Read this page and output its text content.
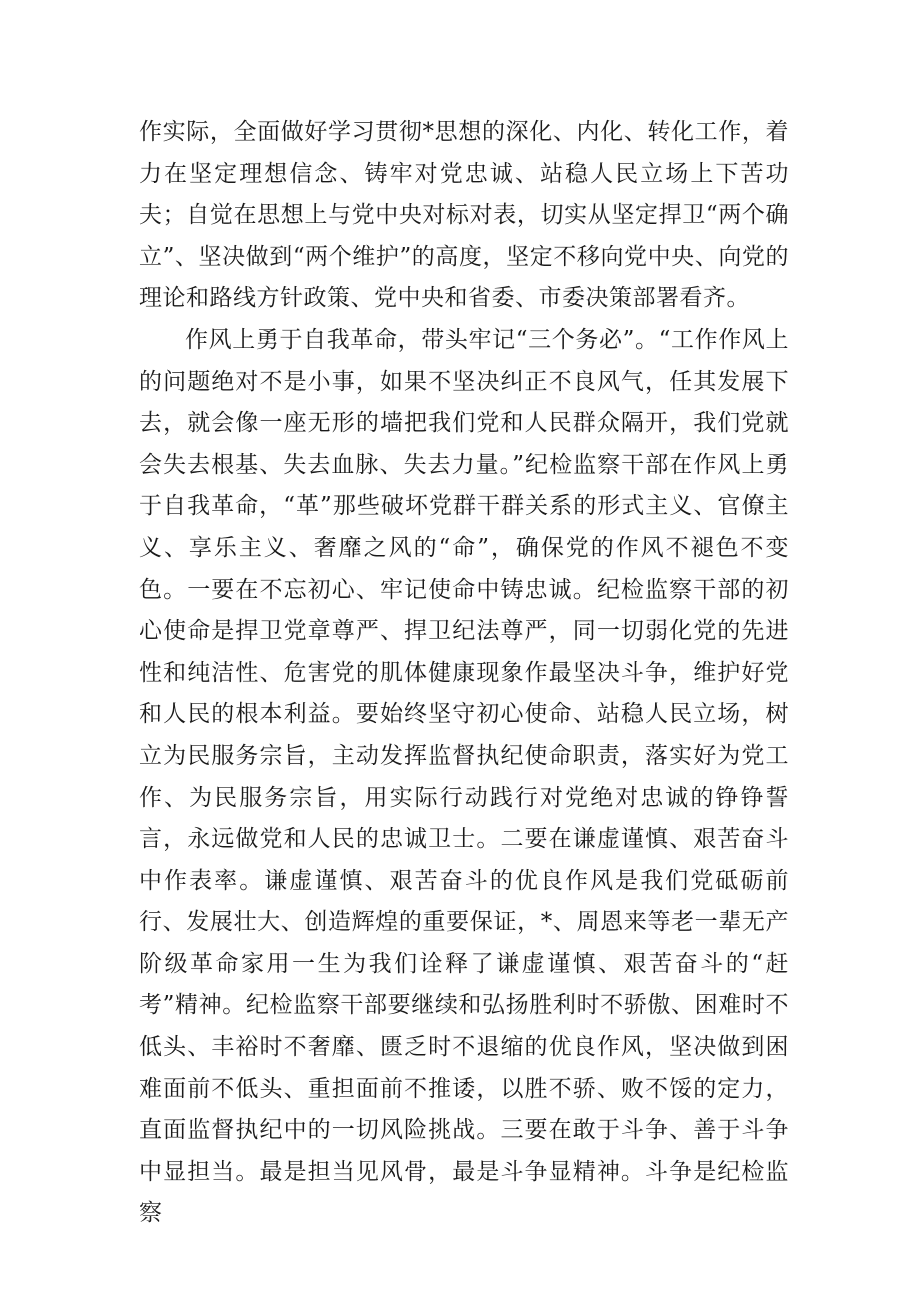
作实际，全面做好学习贯彻*思想的深化、内化、转化工作，着力在坚定理想信念、铸牢对党忠诚、站稳人民立场上下苦功夫；自觉在思想上与党中央对标对表，切实从坚定捍卫“两个确立”、坚决做到“两个维护”的高度，坚定不移向党中央、向党的理论和路线方针政策、党中央和省委、市委决策部署看齐。

作风上勇于自我革命，带头牢记“三个务必”。“工作作风上的问题绝对不是小事，如果不坚决纠正不良风气，任其发展下去，就会像一座无形的墙把我们党和人民群众隔开，我们党就会失去根基、失去血脉、失去力量。”纪检监察干部在作风上勇于自我革命，“革”那些破坏党群干群关系的形式主义、官僚主义、享乐主义、奢靡之风的“命”，确保党的作风不褪色不变色。一要在不忘初心、牢记使命中铸忠诚。纪检监察干部的初心使命是捍卫党章尊严、捍卫纪法尊严，同一切弱化党的先进性和纯洁性、危害党的肌体健康现象作最坚决斗争，维护好党和人民的根本利益。要始终坚守初心使命、站稳人民立场，树立为民服务宗旨，主动发挥监督执纪使命职责，落实好为党工作、为民服务宗旨，用实际行动践行对党绝对忠诚的铮铮誓言，永远做党和人民的忠诚卫士。二要在谦虚谨慎、艰苦奋斗中作表率。谦虚谨慎、艰苦奋斗的优良作风是我们党砥砺前行、发展壮大、创造辉煌的重要保证，*、周恩来等老一辈无产阶级革命家用一生为我们诠释了谦虚谨慎、艰苦奋斗的“赶考”精神。纪检监察干部要继续和弘扬胜利时不骄傲、困难时不低头、丰裕时不奢靡、匮乏时不退缩的优良作风，坚决做到困难面前不低头、重担面前不推诿，以胜不骄、败不馁的定力，直面监督执纪中的一切风险挑战。三要在敢于斗争、善于斗争中显担当。最是担当见风骨，最是斗争显精神。斗争是纪检监察
